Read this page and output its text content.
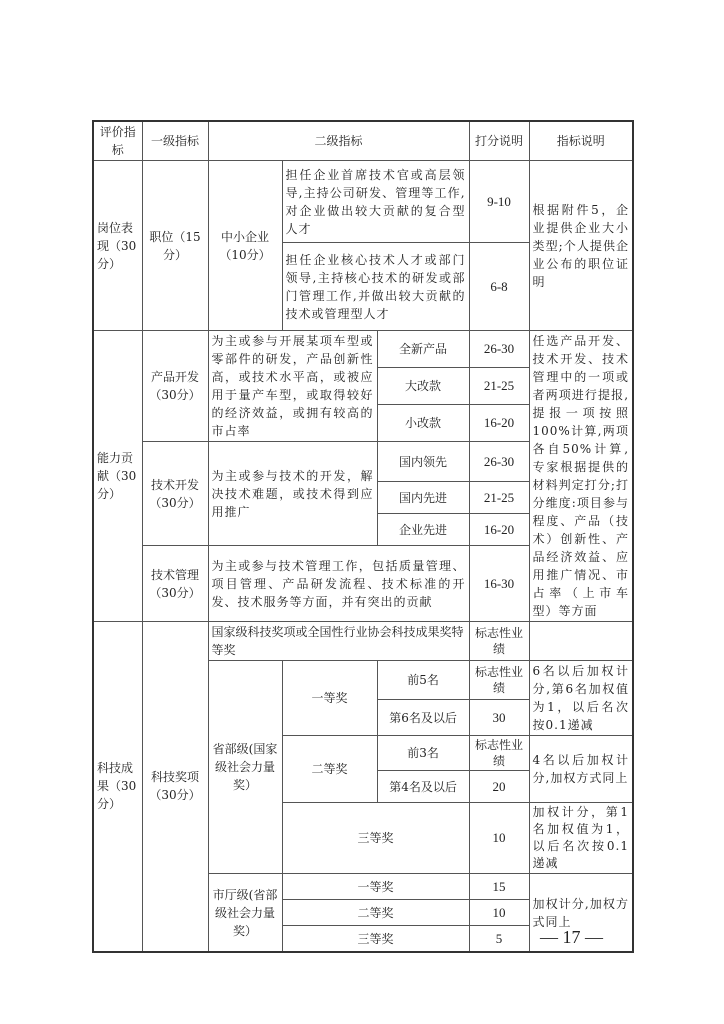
评价指标	一级指标	二级指标			打分说明	指标说明
岗位表现（30分）	职位（15分）	中小企业（10分）	担任企业首席技术官或高层领导,主持公司研发、管理等工作,对企业做出较大贡献的复合型人才		9-10	根据附件5，企业提供企业大小类型;个人提供企业公布的职位证明
			担任企业核心技术人才或部门领导,主持核心技术的研发或部门管理工作,并做出较大贡献的技术或管理型人才		6-8	
能力贡献（30分）	产品开发（30分）	为主或参与开展某项车型或零部件的研发，产品创新性高，或技术水平高，或被应用于量产车型，或取得较好的经济效益，或拥有较高的市占率		全新产品	26-30	任选产品开发、技术开发、技术管理中的一项或者两项进行提报,提报一项按照100%计算,两项各自50%计算,专家根据提供的材料判定打分;打分维度:项目参与程度、产品（技术）创新性、产品经济效益、应用推广情况、市占率（上市车型）等方面
				大改款	21-25	
				小改款	16-20	
	技术开发（30分）	为主或参与技术的开发，解决技术难题，或技术得到应用推广		国内领先	26-30	
				国内先进	21-25	
				企业先进	16-20	
	技术管理（30分）	为主或参与技术管理工作，包括质量管理、项目管理、产品研发流程、技术标准的开发、技术服务等方面，并有突出的贡献			16-30	
科技成果（30分）	科技奖项（30分）	国家级科技奖项或全国性行业协会科技成果奖特等奖			标志性业绩	
		省部级(国家级社会力量奖）	一等奖	前5名	标志性业绩	6名以后加权计分,第6名加权值为1，以后名次按0.1递减
				第6名及以后	30	
			二等奖	前3名	标志性业绩	4名以后加权计分,加权方式同上
				第4名及以后	20	
			三等奖		10	加权计分，第1名加权值为1，以后名次按0.1递减
		市厅级(省部级社会力量奖）	一等奖		15	加权计分,加权方式同上
			二等奖		10	
			三等奖		5	— 17 —
